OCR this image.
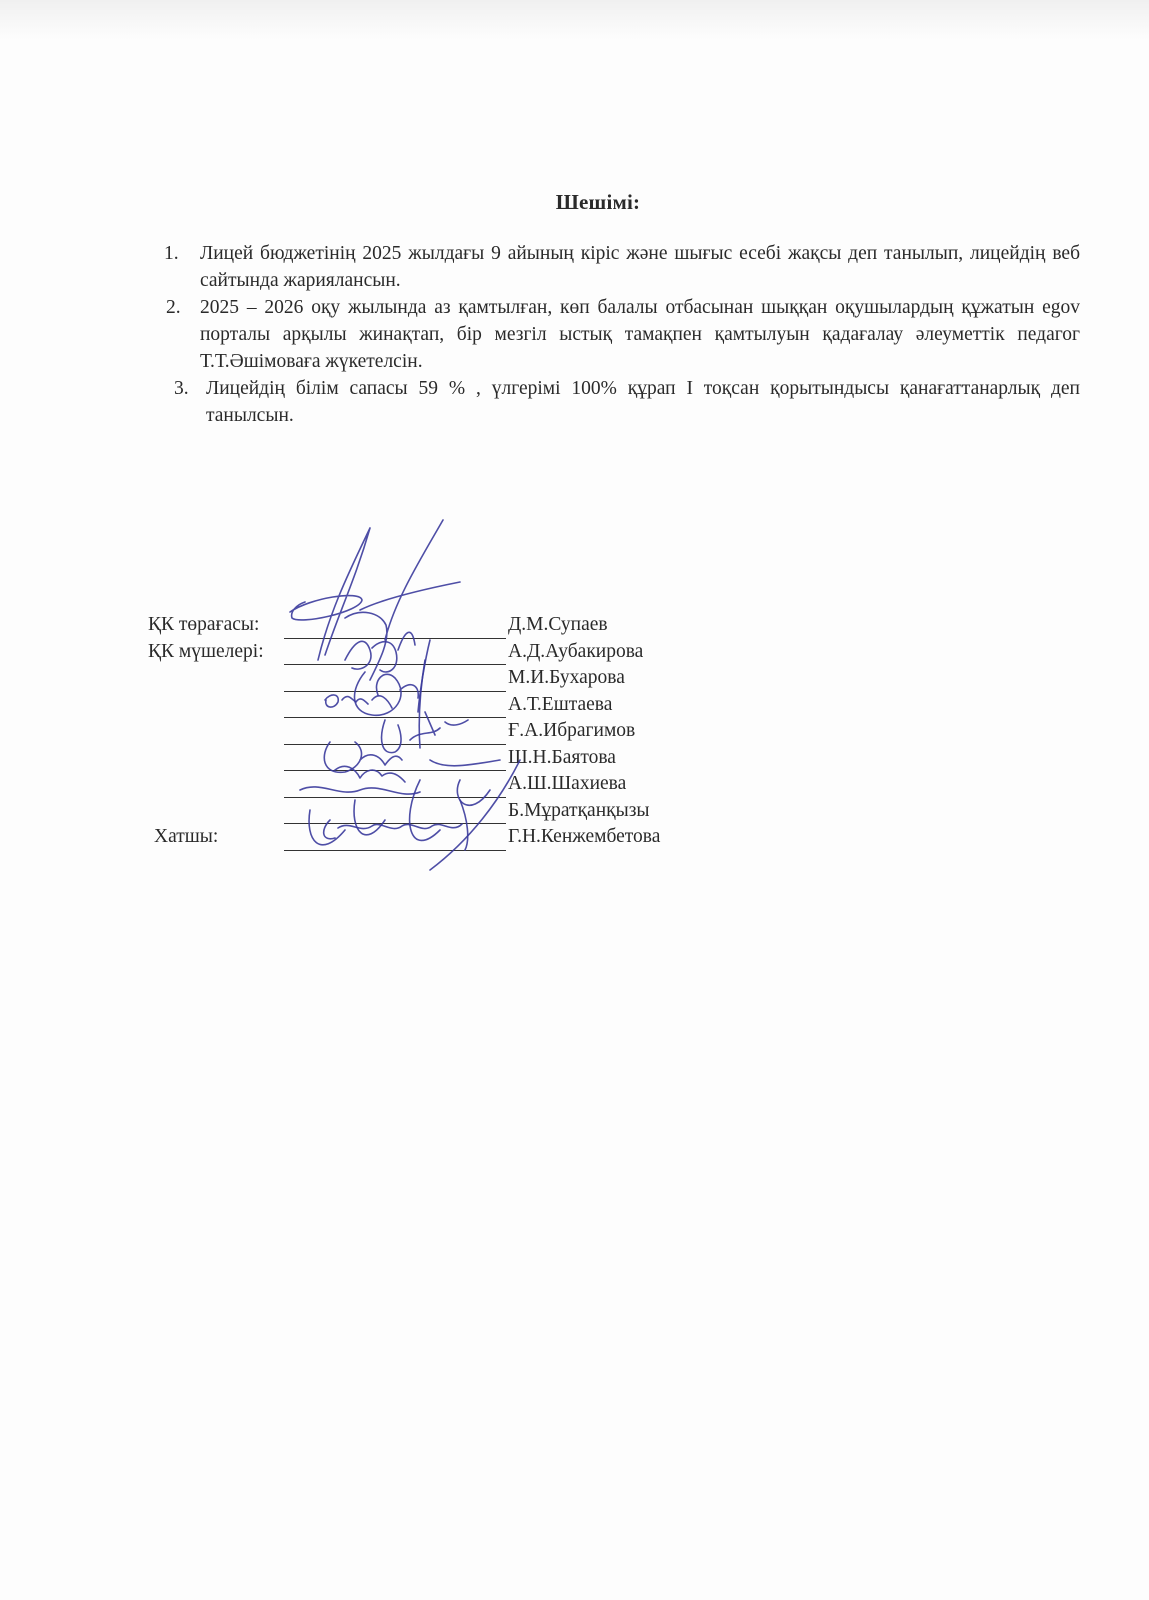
Шешімі:

1. Лицей бюджетінің 2025 жылдағы 9 айының кіріс және шығыс есебі жақсы деп танылып, лицейдің веб сайтында жариялансын.

2. 2025 – 2026 оқу жылында аз қамтылған, көп балалы отбасынан шыққан оқушылардың құжатын egov порталы арқылы жинақтап, бір мезгіл ыстық тамақпен қамтылуын қадағалау әлеуметтік педагог Т.Т.Әшімоваға жүкетелсін.

3. Лицейдің білім сапасы 59 % , үлгерімі 100% құрап I тоқсан қорытындысы қанағаттанарлық деп танылсын.

ҚК төрағасы:	Д.М.Супаев
ҚК мүшелері:	А.Д.Аубакирова
М.И.Бухарова
А.Т.Ештаева
Ғ.А.Ибрагимов
Ш.Н.Баятова
А.Ш.Шахиева
Б.Мұратқанқызы
Хатшы:	Г.Н.Кенжембетова
